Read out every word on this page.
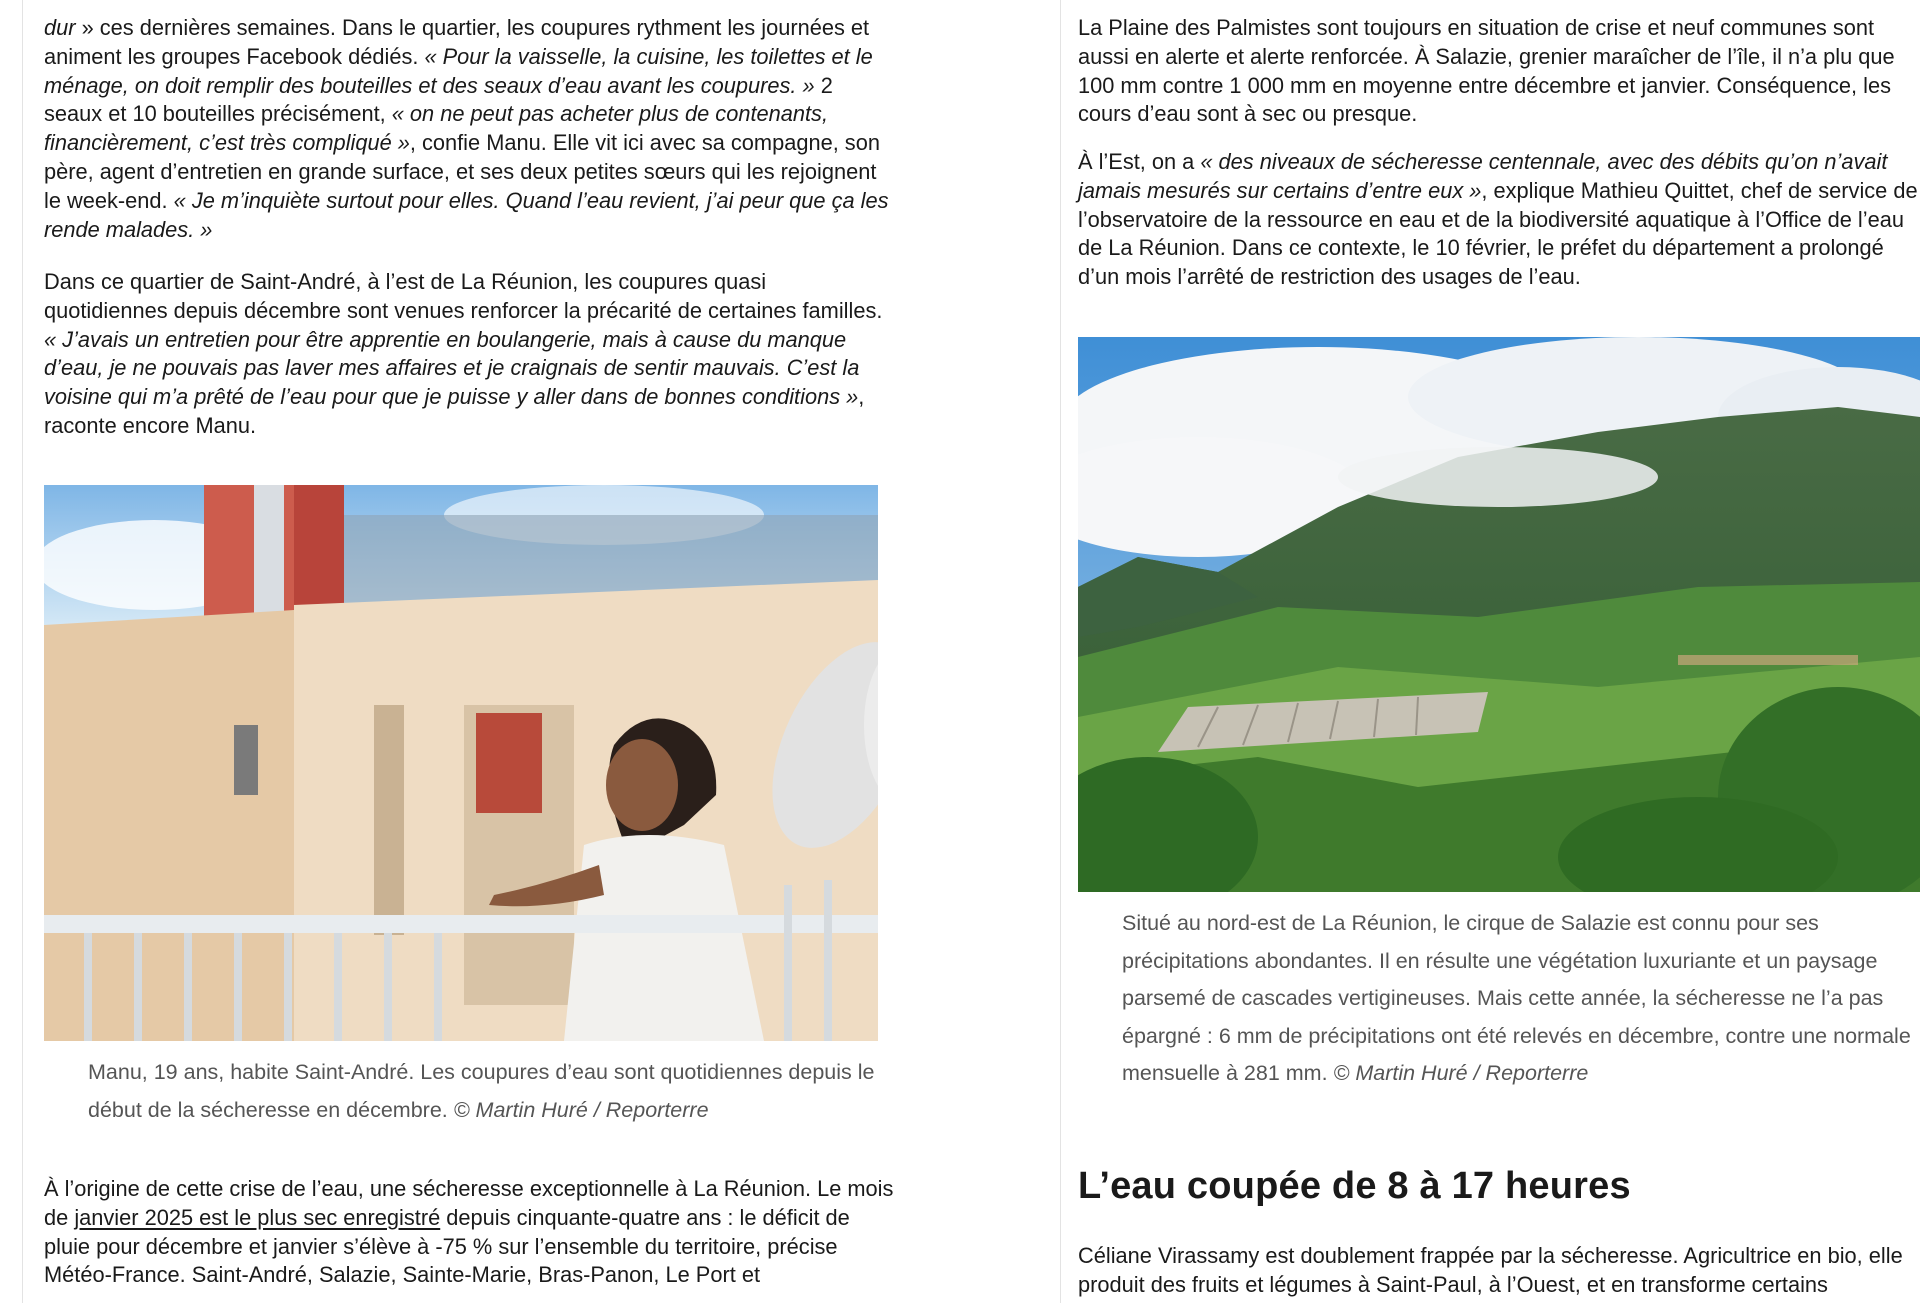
dur » ces dernières semaines. Dans le quartier, les coupures rythment les journées et animent les groupes Facebook dédiés. « Pour la vaisselle, la cuisine, les toilettes et le ménage, on doit remplir des bouteilles et des seaux d’eau avant les coupures. » 2 seaux et 10 bouteilles précisément, « on ne peut pas acheter plus de contenants, financièrement, c’est très compliqué », confie Manu. Elle vit ici avec sa compagne, son père, agent d’entretien en grande surface, et ses deux petites sœurs qui les rejoignent le week-end. « Je m’inquiète surtout pour elles. Quand l’eau revient, j’ai peur que ça les rende malades. »

Dans ce quartier de Saint-André, à l’est de La Réunion, les coupures quasi quotidiennes depuis décembre sont venues renforcer la précarité de certaines familles. « J’avais un entretien pour être apprentie en boulangerie, mais à cause du manque d’eau, je ne pouvais pas laver mes affaires et je craignais de sentir mauvais. C’est la voisine qui m’a prêté de l’eau pour que je puisse y aller dans de bonnes conditions », raconte encore Manu.

Manu, 19 ans, habite Saint-André. Les coupures d’eau sont quotidiennes depuis le début de la sécheresse en décembre. © Martin Huré / Reporterre

À l’origine de cette crise de l’eau, une sécheresse exceptionnelle à La Réunion. Le mois de janvier 2025 est le plus sec enregistré depuis cinquante-quatre ans : le déficit de pluie pour décembre et janvier s’élève à -75 % sur l’ensemble du territoire, précise Météo-France. Saint-André, Salazie, Sainte-Marie, Bras-Panon, Le Port et

La Plaine des Palmistes sont toujours en situation de crise et neuf communes sont aussi en alerte et alerte renforcée. À Salazie, grenier maraîcher de l’île, il n’a plu que 100 mm contre 1 000 mm en moyenne entre décembre et janvier. Conséquence, les cours d’eau sont à sec ou presque.

À l’Est, on a « des niveaux de sécheresse centennale, avec des débits qu’on n’avait jamais mesurés sur certains d’entre eux », explique Mathieu Quittet, chef de service de l’observatoire de la ressource en eau et de la biodiversité aquatique à l’Office de l’eau de La Réunion. Dans ce contexte, le 10 février, le préfet du département a prolongé d’un mois l’arrêté de restriction des usages de l’eau.

Situé au nord-est de La Réunion, le cirque de Salazie est connu pour ses précipitations abondantes. Il en résulte une végétation luxuriante et un paysage parsemé de cascades vertigineuses. Mais cette année, la sécheresse ne l’a pas épargné : 6 mm de précipitations ont été relevés en décembre, contre une normale mensuelle à 281 mm. © Martin Huré / Reporterre

L’eau coupée de 8 à 17 heures

Céliane Virassamy est doublement frappée par la sécheresse. Agricultrice en bio, elle produit des fruits et légumes à Saint-Paul, à l’Ouest, et en transforme certains
